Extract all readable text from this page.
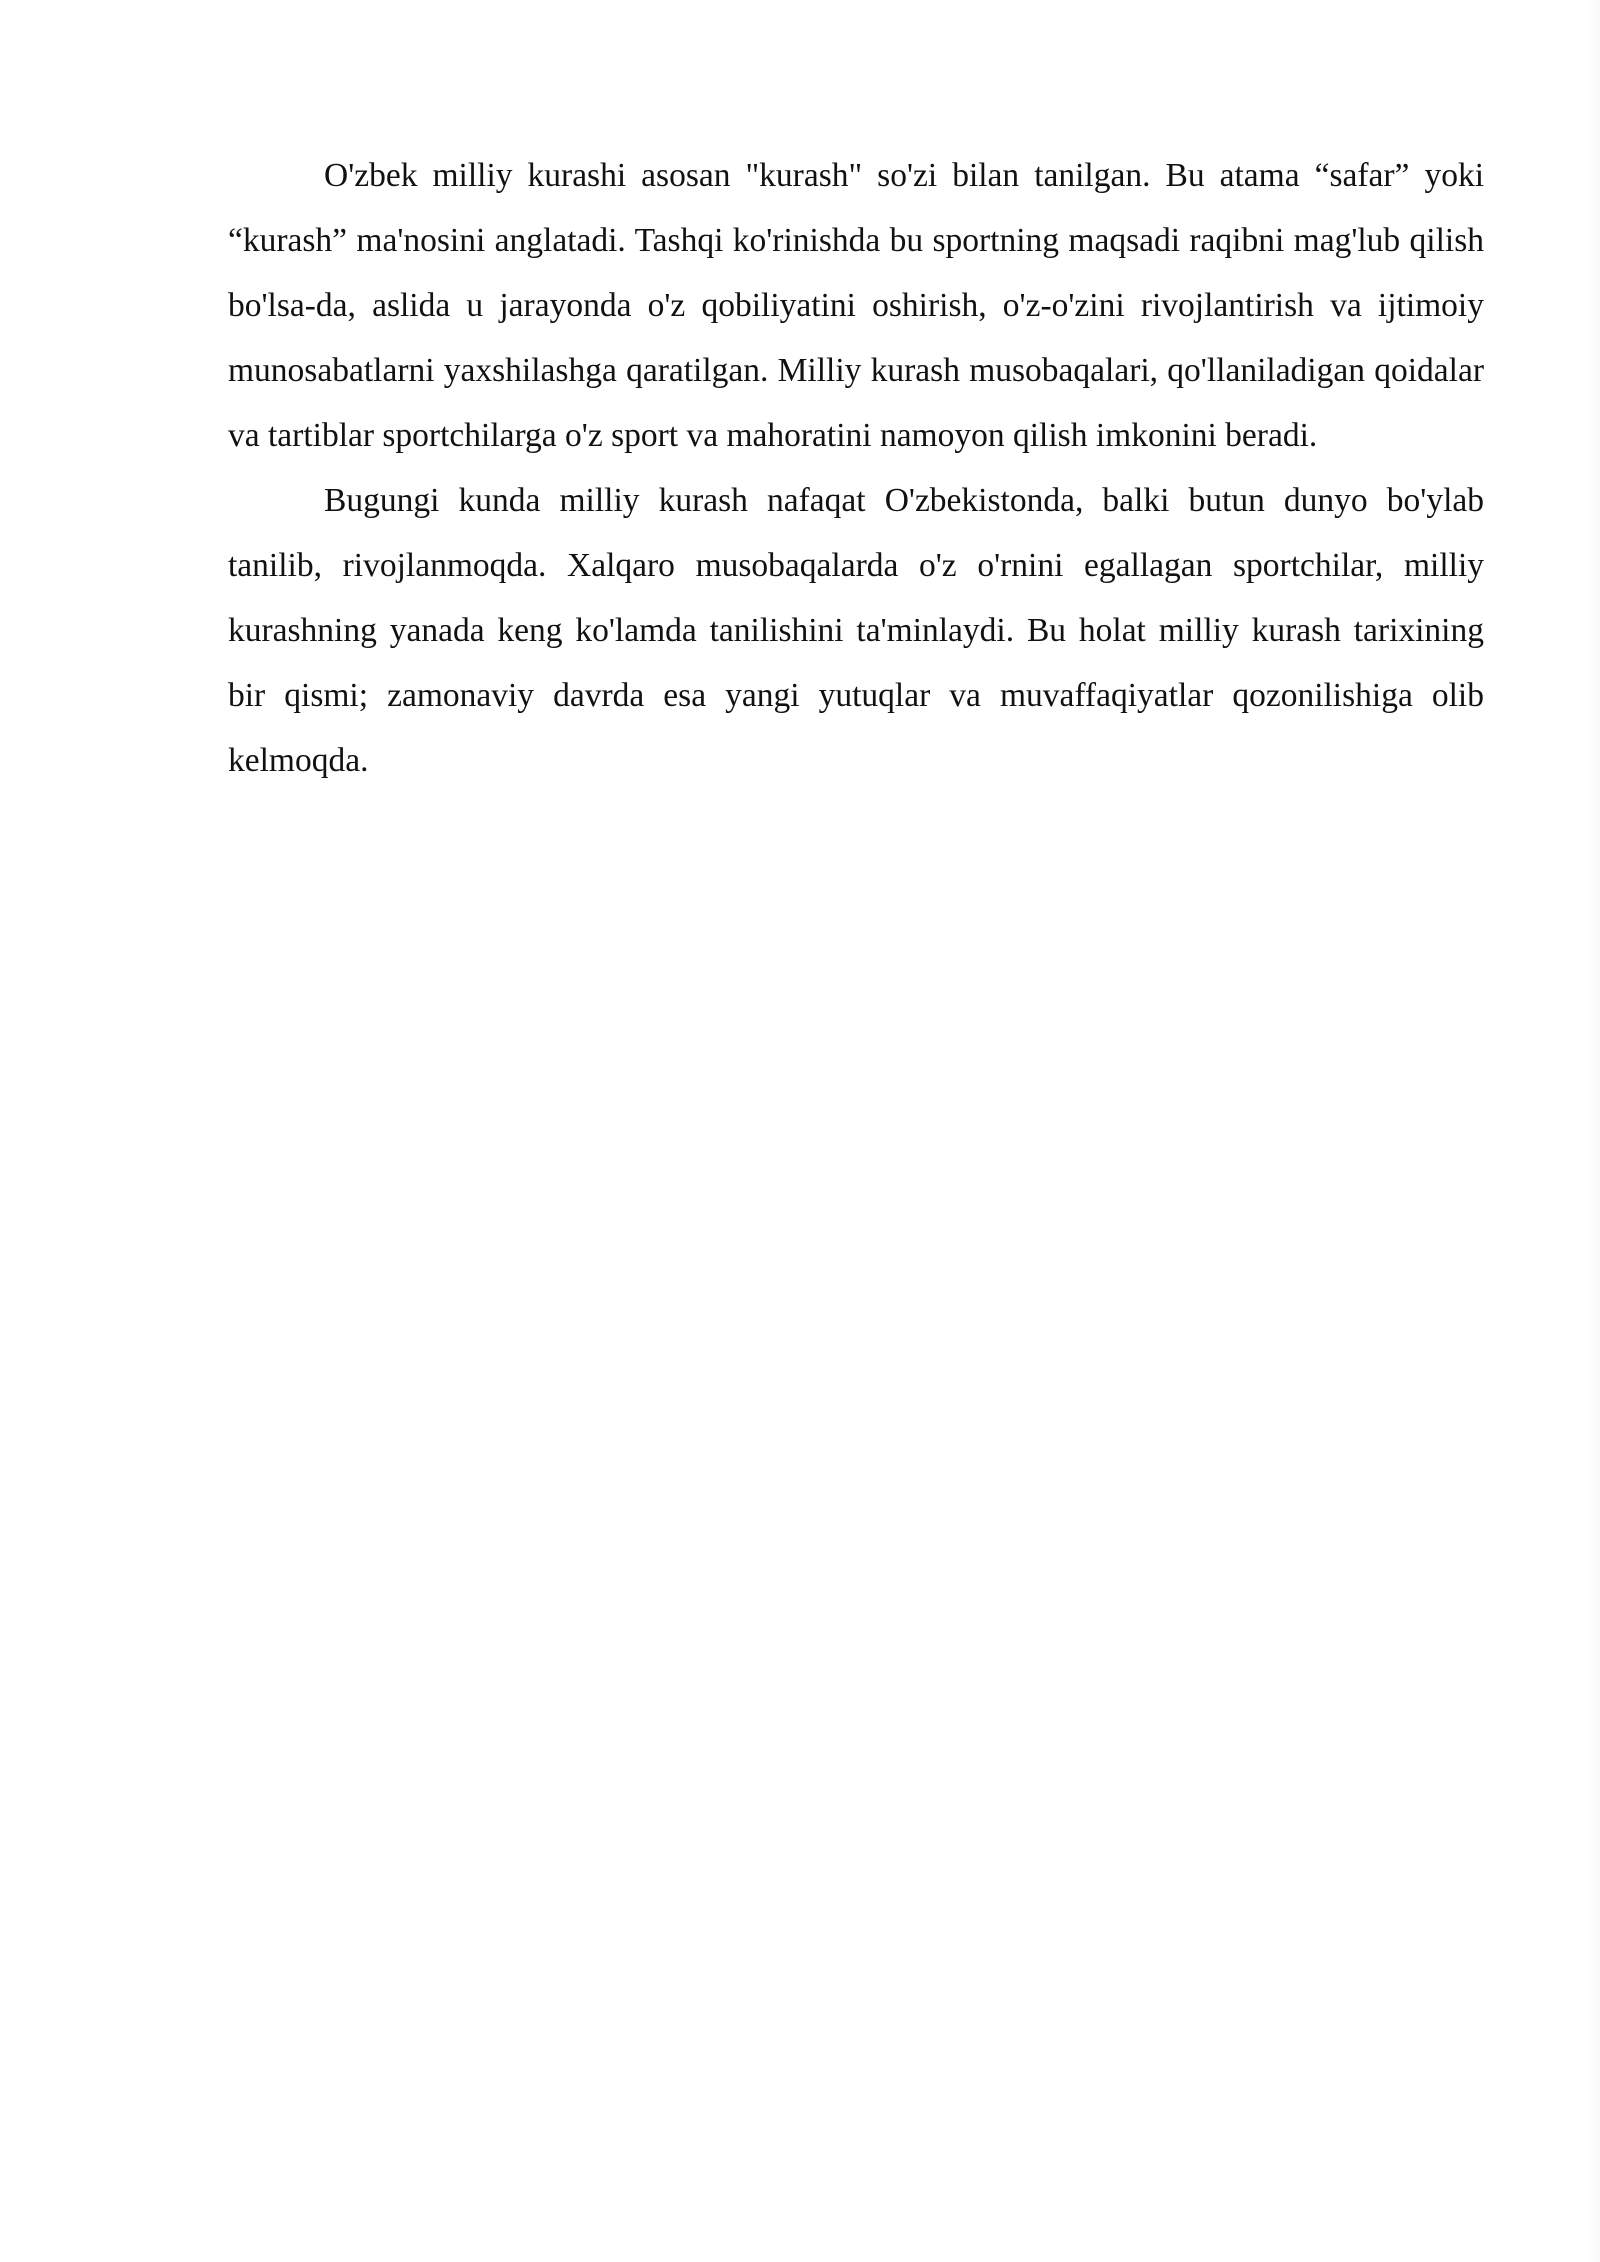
O'zbek milliy kurashi asosan "kurash" so'zi bilan tanilgan. Bu atama “safar” yoki “kurash” ma'nosini anglatadi. Tashqi ko'rinishda bu sportning maqsadi raqibni mag'lub qilish bo'lsa-da, aslida u jarayonda o'z qobiliyatini oshirish, o'z-o'zini rivojlantirish va ijtimoiy munosabatlarni yaxshilashga qaratilgan. Milliy kurash musobaqalari, qo'llaniladigan qoidalar va tartiblar sportchilarga o'z sport va mahoratini namoyon qilish imkonini beradi.

Bugungi kunda milliy kurash nafaqat O'zbekistonda, balki butun dunyo bo'ylab tanilib, rivojlanmoqda. Xalqaro musobaqalarda o'z o'rnini egallagan sportchilar, milliy kurashning yanada keng ko'lamda tanilishini ta'minlaydi. Bu holat milliy kurash tarixining bir qismi; zamonaviy davrda esa yangi yutuqlar va muvaffaqiyatlar qozonilishiga olib kelmoqda.
